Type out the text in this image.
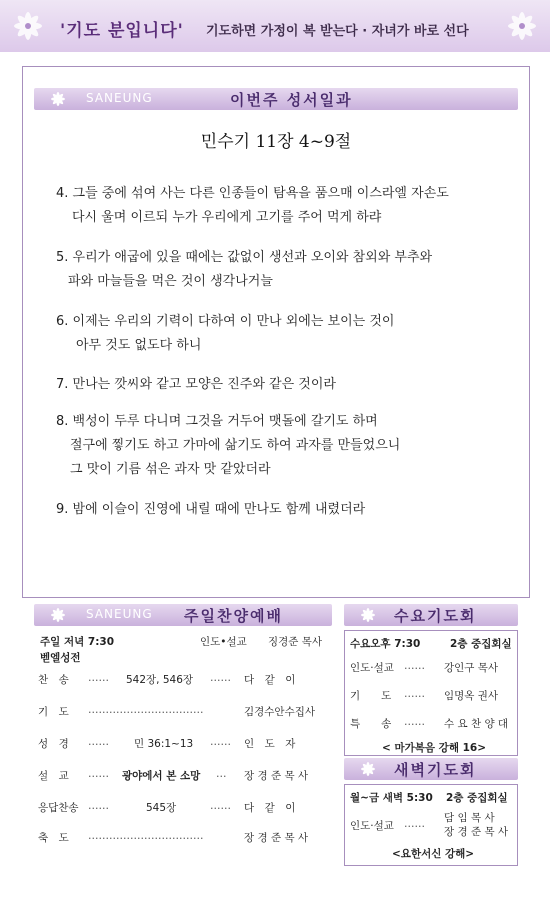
'기도 분입니다' 기도하면 가정이 복 받는다 · 자녀가 바로 선다
SANEUNG	이번주 성서일과
민수기 11장 4~9절
4. 그들 중에 섞여 사는 다른 인종들이 탐욕을 품으매 이스라엘 자손도
다시 울며 이르되 누가 우리에게 고기를 주어 먹게 하랴
5. 우리가 애굽에 있을 때에는 값없이 생선과 오이와 참외와 부추와
파와 마늘들을 먹은 것이 생각나거늘
6. 이제는 우리의 기력이 다하여 이 만나 외에는 보이는 것이
아무 것도 없도다 하니
7. 만나는 깟씨와 같고 모양은 진주와 같은 것이라
8. 백성이 두루 다니며 그것을 거두어 맷돌에 갈기도 하며
절구에 찧기도 하고 가마에 삶기도 하여 과자를 만들었으니
그 맛이 기름 섞은 과자 맛 같았더라
9. 밤에 이슬이 진영에 내릴 때에 만나도 함께 내렸더라
SANEUNG 주일찬양예배
주일 저녁 7:30	인도•설교 징경준 목사
벧엘성전
찬　송 …… 542장, 546장 …… 다　같　이
기　도 ……………………………	김경수안수집사
성　경 …… 민 36:1~13 …… 인　도　자
설　교 …… 광야에서 본 소망 … 장 경 준 목 사
응답찬송 ……	545장	…… 다　같　이
축　도 ……………………………	장 경 준 목 사
수요기도회
수요오후 7:30	2층 중집회실
인도·설교 …… 강인구 목사
기　　도 …… 임명옥 권사
특　　송 …… 수 요 찬 양 대
< 마가복음 강해 16>
새벽기도회
월~금 새벽 5:30 2층 중집회실
인도·설교 …… 담 임 목 사
장 경 준 목 사
<요한서신 강해>
